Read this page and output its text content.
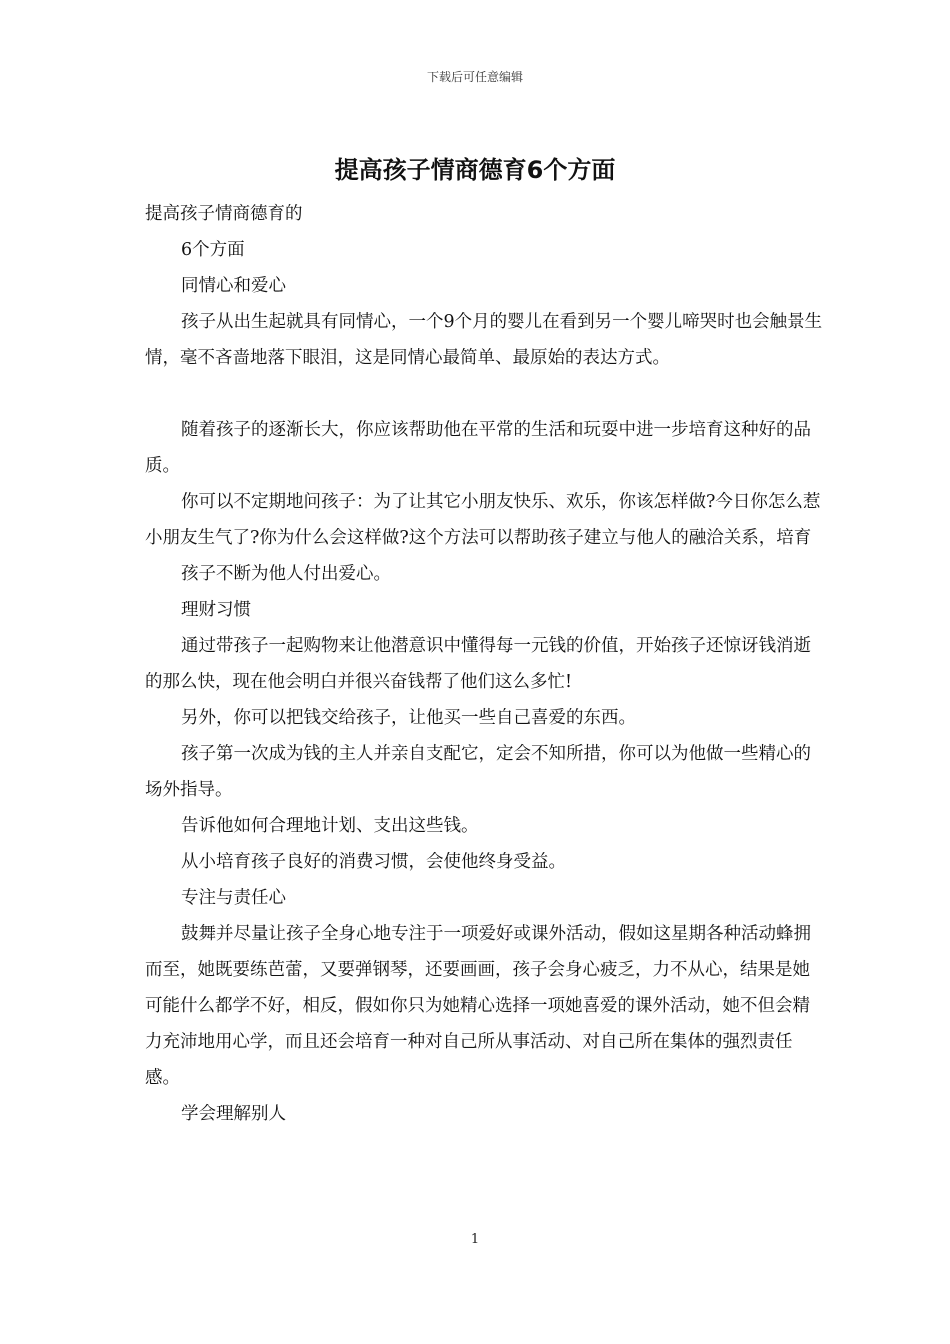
下载后可任意编辑
提高孩子情商德育6个方面

提高孩子情商德育的

6个方面

同情心和爱心

孩子从出生起就具有同情心，一个9个月的婴儿在看到另一个婴儿啼哭时也会触景生情，毫不吝啬地落下眼泪，这是同情心最简单、最原始的表达方式。

随着孩子的逐渐长大，你应该帮助他在平常的生活和玩耍中进一步培育这种好的品质。

你可以不定期地问孩子：为了让其它小朋友快乐、欢乐，你该怎样做?今日你怎么惹小朋友生气了?你为什么会这样做?这个方法可以帮助孩子建立与他人的融洽关系，培育

孩子不断为他人付出爱心。

理财习惯

通过带孩子一起购物来让他潜意识中懂得每一元钱的价值，开始孩子还惊讶钱消逝的那么快，现在他会明白并很兴奋钱帮了他们这么多忙!

另外，你可以把钱交给孩子，让他买一些自己喜爱的东西。

孩子第一次成为钱的主人并亲自支配它，定会不知所措，你可以为他做一些精心的场外指导。

告诉他如何合理地计划、支出这些钱。

从小培育孩子良好的消费习惯，会使他终身受益。

专注与责任心

鼓舞并尽量让孩子全身心地专注于一项爱好或课外活动，假如这星期各种活动蜂拥而至，她既要练芭蕾，又要弹钢琴，还要画画，孩子会身心疲乏，力不从心，结果是她可能什么都学不好，相反，假如你只为她精心选择一项她喜爱的课外活动，她不但会精力充沛地用心学，而且还会培育一种对自己所从事活动、对自己所在集体的强烈责任感。

学会理解别人

1
